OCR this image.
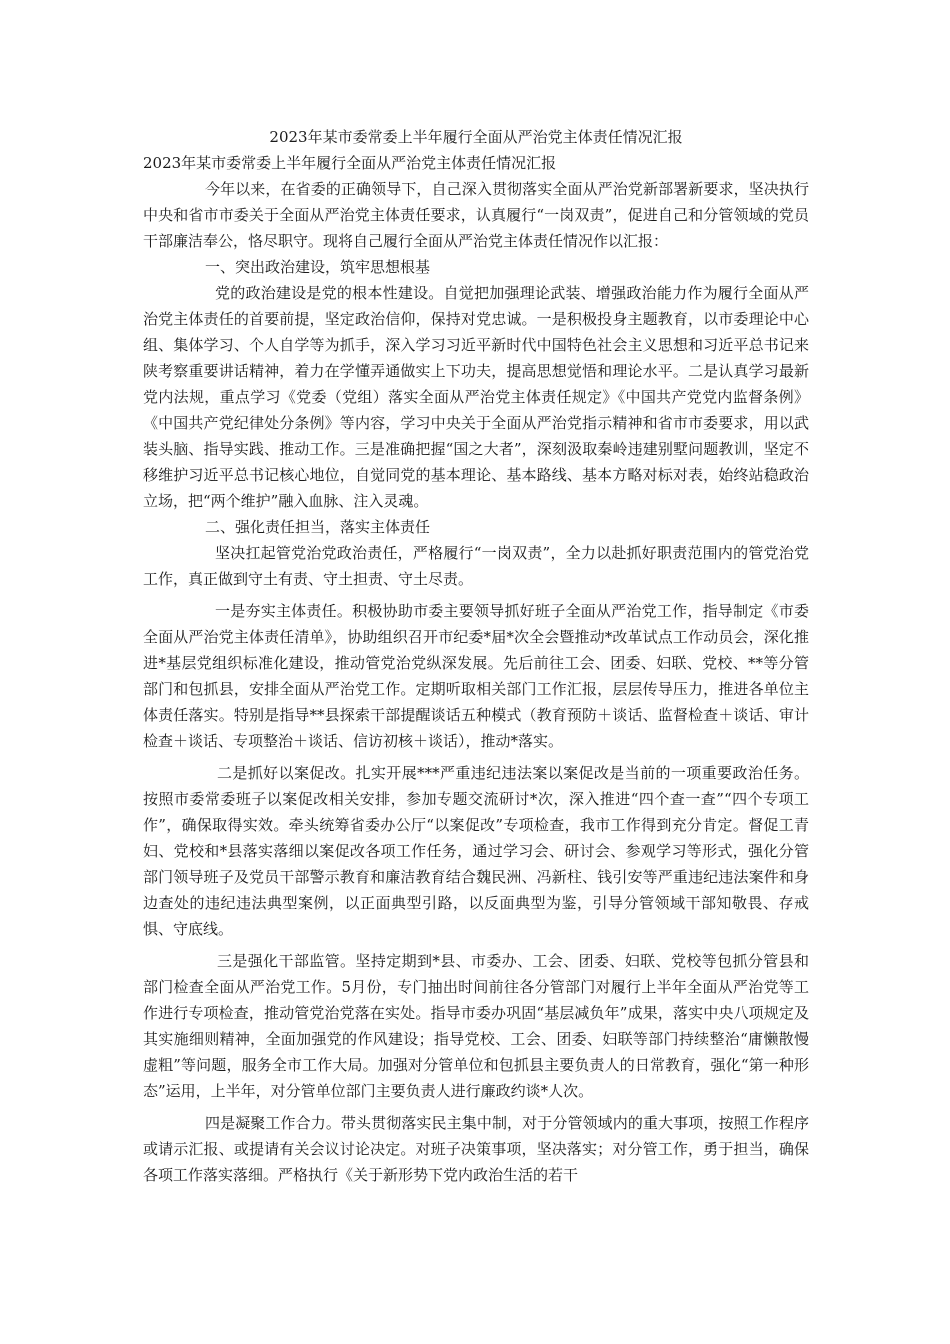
2023年某市委常委上半年履行全面从严治党主体责任情况汇报
2023年某市委常委上半年履行全面从严治党主体责任情况汇报

今年以来，在省委的正确领导下，自己深入贯彻落实全面从严治党新部署新要求，坚决执行中央和省市市委关于全面从严治党主体责任要求，认真履行“一岗双责”，促进自己和分管领域的党员干部廉洁奉公，恪尽职守。现将自己履行全面从严治党主体责任情况作以汇报：

一、突出政治建设，筑牢思想根基

党的政治建设是党的根本性建设。自觉把加强理论武装、增强政治能力作为履行全面从严治党主体责任的首要前提，坚定政治信仰，保持对党忠诚。一是积极投身主题教育，以市委理论中心组、集体学习、个人自学等为抓手，深入学习习近平新时代中国特色社会主义思想和习近平总书记来陕考察重要讲话精神，着力在学懂弄通做实上下功夫，提高思想觉悟和理论水平。二是认真学习最新党内法规，重点学习《党委（党组）落实全面从严治党主体责任规定》《中国共产党党内监督条例》《中国共产党纪律处分条例》等内容，学习中央关于全面从严治党指示精神和省市市委要求，用以武装头脑、指导实践、推动工作。三是准确把握“国之大者”，深刻汲取秦岭违建别墅问题教训，坚定不移维护习近平总书记核心地位，自觉同党的基本理论、基本路线、基本方略对标对表，始终站稳政治立场，把“两个维护”融入血脉、注入灵魂。

二、强化责任担当，落实主体责任

坚决扛起管党治党政治责任，严格履行“一岗双责”，全力以赴抓好职责范围内的管党治党工作，真正做到守土有责、守土担责、守土尽责。

一是夯实主体责任。积极协助市委主要领导抓好班子全面从严治党工作，指导制定《市委全面从严治党主体责任清单》，协助组织召开市纪委*届*次全会暨推动*改革试点工作动员会，深化推进*基层党组织标准化建设，推动管党治党纵深发展。先后前往工会、团委、妇联、党校、**等分管部门和包抓县，安排全面从严治党工作。定期听取相关部门工作汇报，层层传导压力，推进各单位主体责任落实。特别是指导**县探索干部提醒谈话五种模式（教育预防＋谈话、监督检查＋谈话、审计检查＋谈话、专项整治＋谈话、信访初核＋谈话），推动*落实。

二是抓好以案促改。扎实开展***严重违纪违法案以案促改是当前的一项重要政治任务。按照市委常委班子以案促改相关安排，参加专题交流研讨*次，深入推进“四个查一查”“四个专项工作”，确保取得实效。牵头统筹省委办公厅“以案促改”专项检查，我市工作得到充分肯定。督促工青妇、党校和*县落实落细以案促改各项工作任务，通过学习会、研讨会、参观学习等形式，强化分管部门领导班子及党员干部警示教育和廉洁教育结合魏民洲、冯新柱、钱引安等严重违纪违法案件和身边查处的违纪违法典型案例，以正面典型引路，以反面典型为鉴，引导分管领域干部知敬畏、存戒惧、守底线。

三是强化干部监管。坚持定期到*县、市委办、工会、团委、妇联、党校等包抓分管县和部门检查全面从严治党工作。5月份，专门抽出时间前往各分管部门对履行上半年全面从严治党等工作进行专项检查，推动管党治党落在实处。指导市委办巩固“基层减负年”成果，落实中央八项规定及其实施细则精神，全面加强党的作风建设；指导党校、工会、团委、妇联等部门持续整治“庸懒散慢虚粗”等问题，服务全市工作大局。加强对分管单位和包抓县主要负责人的日常教育，强化“第一种形态”运用，上半年，对分管单位部门主要负责人进行廉政约谈*人次。

四是凝聚工作合力。带头贯彻落实民主集中制，对于分管领域内的重大事项，按照工作程序或请示汇报、或提请有关会议讨论决定。对班子决策事项，坚决落实；对分管工作，勇于担当，确保各项工作落实落细。严格执行《关于新形势下党内政治生活的若干
